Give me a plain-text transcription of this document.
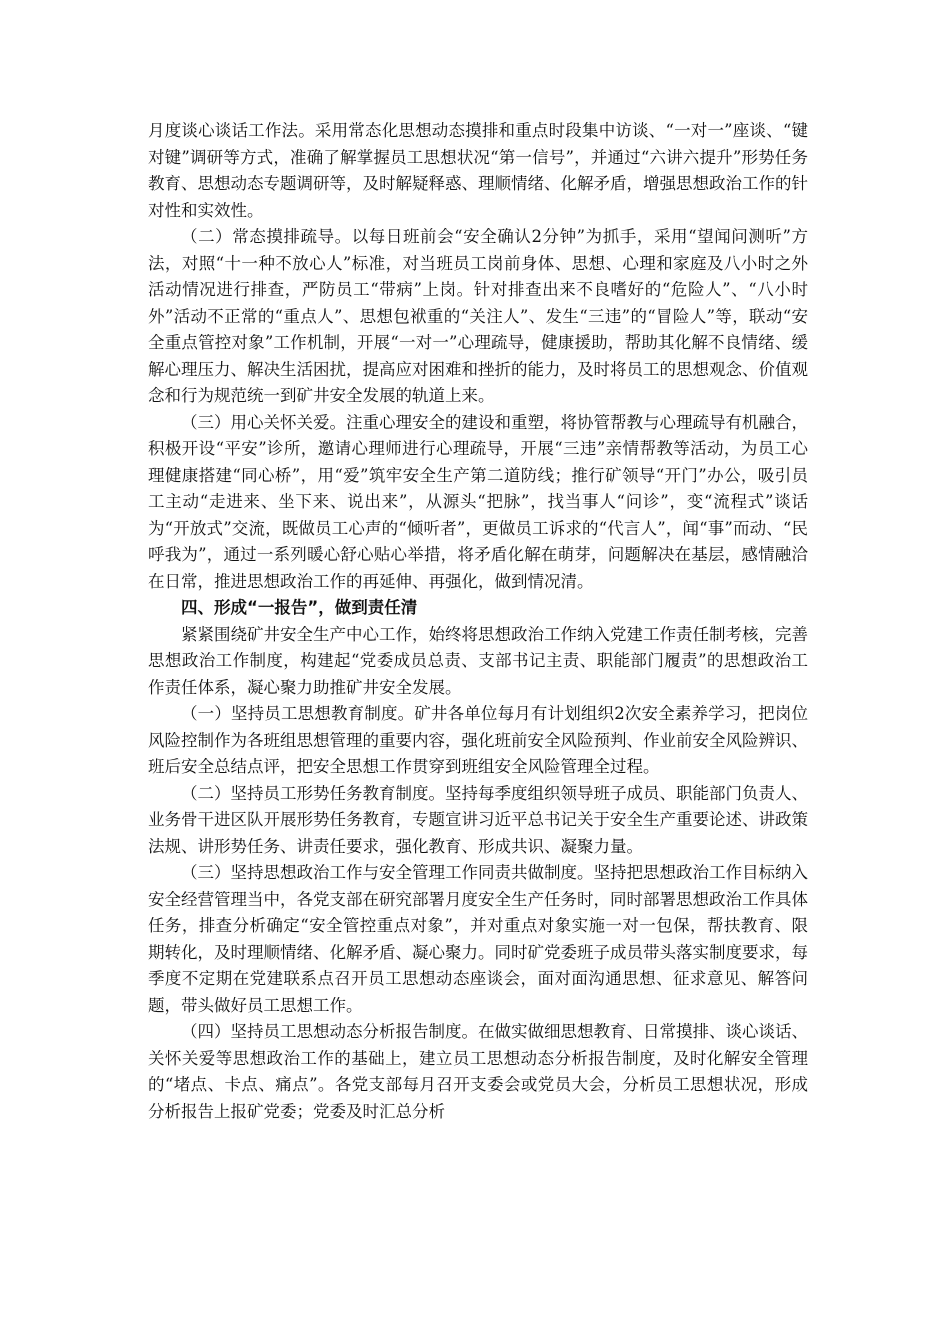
月度谈心谈话工作法。采用常态化思想动态摸排和重点时段集中访谈、“一对一”座谈、“键对键”调研等方式，准确了解掌握员工思想状况“第一信号”，并通过“六讲六提升”形势任务教育、思想动态专题调研等，及时解疑释惑、理顺情绪、化解矛盾，增强思想政治工作的针对性和实效性。

（二）常态摸排疏导。以每日班前会“安全确认2分钟”为抓手，采用“望闻问测听”方法，对照“十一种不放心人”标准，对当班员工岗前身体、思想、心理和家庭及八小时之外活动情况进行排查，严防员工“带病”上岗。针对排查出来不良嗜好的“危险人”、“八小时外”活动不正常的“重点人”、思想包袱重的“关注人”、发生“三违”的“冒险人”等，联动“安全重点管控对象”工作机制，开展“一对一”心理疏导，健康援助，帮助其化解不良情绪、缓解心理压力、解决生活困扰，提高应对困难和挫折的能力，及时将员工的思想观念、价值观念和行为规范统一到矿井安全发展的轨道上来。

（三）用心关怀关爱。注重心理安全的建设和重塑，将协管帮教与心理疏导有机融合，积极开设“平安”诊所，邀请心理师进行心理疏导，开展“三违”亲情帮教等活动，为员工心理健康搭建“同心桥”，用“爱”筑牢安全生产第二道防线；推行矿领导“开门”办公，吸引员工主动“走进来、坐下来、说出来”，从源头“把脉”，找当事人“问诊”，变“流程式”谈话为“开放式”交流，既做员工心声的“倾听者”，更做员工诉求的“代言人”，闻“事”而动、“民呼我为”，通过一系列暖心舒心贴心举措，将矛盾化解在萌芽，问题解决在基层，感情融洽在日常，推进思想政治工作的再延伸、再强化，做到情况清。

四、形成“一报告”，做到责任清

紧紧围绕矿井安全生产中心工作，始终将思想政治工作纳入党建工作责任制考核，完善思想政治工作制度，构建起“党委成员总责、支部书记主责、职能部门履责”的思想政治工作责任体系，凝心聚力助推矿井安全发展。

（一）坚持员工思想教育制度。矿井各单位每月有计划组织2次安全素养学习，把岗位风险控制作为各班组思想管理的重要内容，强化班前安全风险预判、作业前安全风险辨识、班后安全总结点评，把安全思想工作贯穿到班组安全风险管理全过程。

（二）坚持员工形势任务教育制度。坚持每季度组织领导班子成员、职能部门负责人、业务骨干进区队开展形势任务教育，专题宣讲习近平总书记关于安全生产重要论述、讲政策法规、讲形势任务、讲责任要求，强化教育、形成共识、凝聚力量。

（三）坚持思想政治工作与安全管理工作同责共做制度。坚持把思想政治工作目标纳入安全经营管理当中，各党支部在研究部署月度安全生产任务时，同时部署思想政治工作具体任务，排查分析确定“安全管控重点对象”，并对重点对象实施一对一包保，帮扶教育、限期转化，及时理顺情绪、化解矛盾、凝心聚力。同时矿党委班子成员带头落实制度要求，每季度不定期在党建联系点召开员工思想动态座谈会，面对面沟通思想、征求意见、解答问题，带头做好员工思想工作。

（四）坚持员工思想动态分析报告制度。在做实做细思想教育、日常摸排、谈心谈话、关怀关爱等思想政治工作的基础上，建立员工思想动态分析报告制度，及时化解安全管理的“堵点、卡点、痛点”。各党支部每月召开支委会或党员大会，分析员工思想状况，形成分析报告上报矿党委；党委及时汇总分析
